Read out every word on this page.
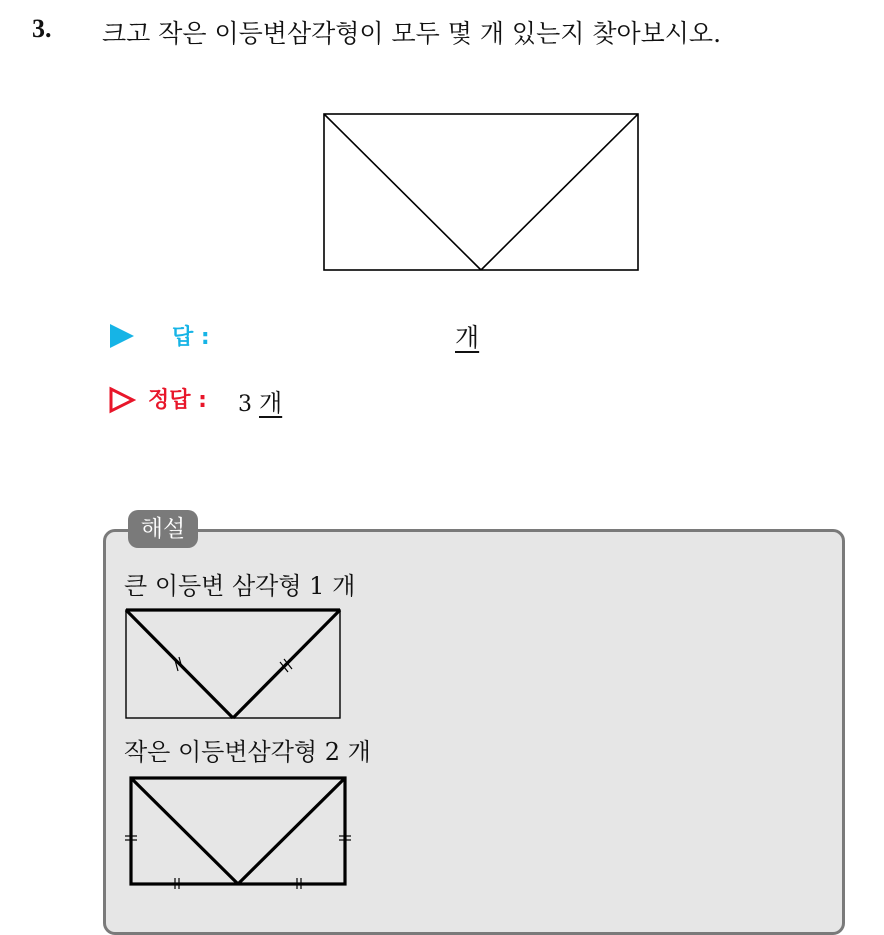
3. 크고 작은 이등변삼각형이 모두 몇 개 있는지 찾아보시오.
답 :	개
정답 : 3 개
해설
큰 이등변 삼각형 1 개
작은 이등변삼각형 2 개
